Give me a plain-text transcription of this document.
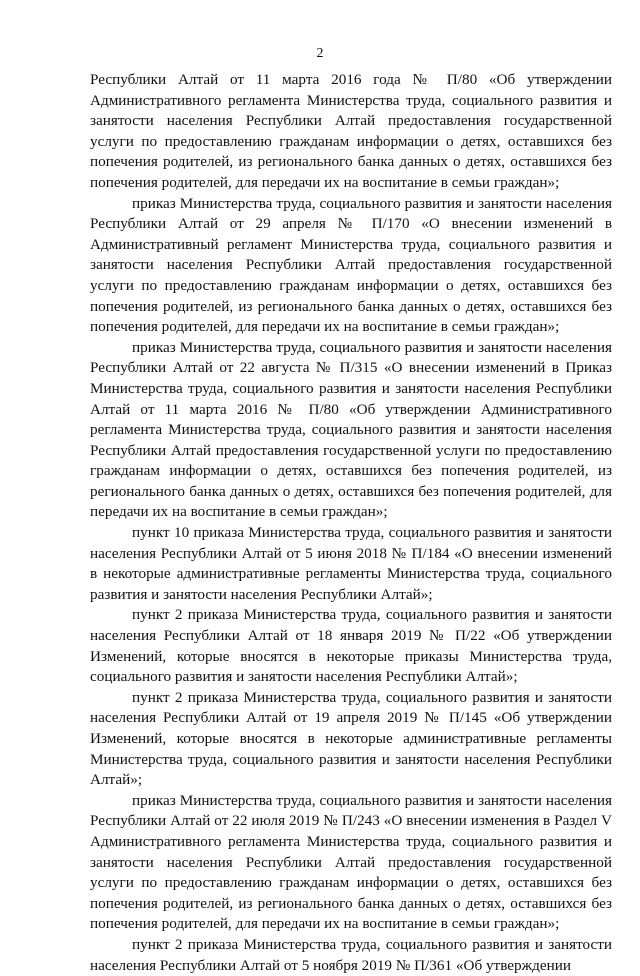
2

Республики Алтай от 11 марта 2016 года № П/80 «Об утверждении Административного регламента Министерства труда, социального развития и занятости населения Республики Алтай предоставления государственной услуги по предоставлению гражданам информации о детях, оставшихся без попечения родителей, из регионального банка данных о детях, оставшихся без попечения родителей, для передачи их на воспитание в семьи граждан»;

приказ Министерства труда, социального развития и занятости населения Республики Алтай от 29 апреля № П/170 «О внесении изменений в Административный регламент Министерства труда, социального развития и занятости населения Республики Алтай предоставления государственной услуги по предоставлению гражданам информации о детях, оставшихся без попечения родителей, из регионального банка данных о детях, оставшихся без попечения родителей, для передачи их на воспитание в семьи граждан»;

приказ Министерства труда, социального развития и занятости населения Республики Алтай от 22 августа № П/315 «О внесении изменений в Приказ Министерства труда, социального развития и занятости населения Республики Алтай от 11 марта 2016 № П/80 «Об утверждении Административного регламента Министерства труда, социального развития и занятости населения Республики Алтай предоставления государственной услуги по предоставлению гражданам информации о детях, оставшихся без попечения родителей, из регионального банка данных о детях, оставшихся без попечения родителей, для передачи их на воспитание в семьи граждан»;

пункт 10 приказа Министерства труда, социального развития и занятости населения Республики Алтай от 5 июня 2018 № П/184 «О внесении изменений в некоторые административные регламенты Министерства труда, социального развития и занятости населения Республики Алтай»;

пункт 2 приказа Министерства труда, социального развития и занятости населения Республики Алтай от 18 января 2019 № П/22 «Об утверждении Изменений, которые вносятся в некоторые приказы Министерства труда, социального развития и занятости населения Республики Алтай»;

пункт 2 приказа Министерства труда, социального развития и занятости населения Республики Алтай от 19 апреля 2019 № П/145 «Об утверждении Изменений, которые вносятся в некоторые административные регламенты Министерства труда, социального развития и занятости населения Республики Алтай»;

приказ Министерства труда, социального развития и занятости населения Республики Алтай от 22 июля 2019 № П/243 «О внесении изменения в Раздел V Административного регламента Министерства труда, социального развития и занятости населения Республики Алтай предоставления государственной услуги по предоставлению гражданам информации о детях, оставшихся без попечения родителей, из регионального банка данных о детях, оставшихся без попечения родителей, для передачи их на воспитание в семьи граждан»;

пункт 2 приказа Министерства труда, социального развития и занятости населения Республики Алтай от 5 ноября 2019 № П/361 «Об утверждении
